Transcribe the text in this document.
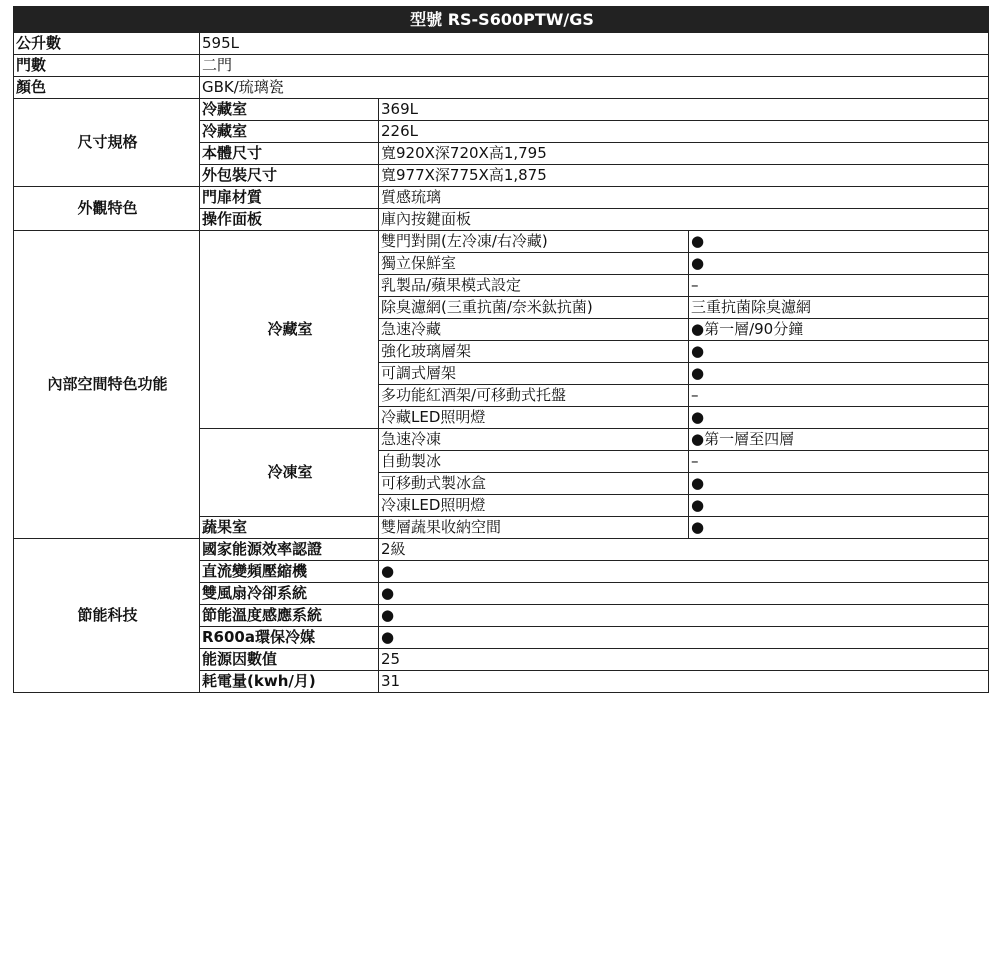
型號 RS-S600PTW/GS			
公升數	595L		
門數	二門		
顏色	GBK/琉璃瓷		
尺寸規格	冷藏室	369L	
	冷藏室	226L	
	本體尺寸	寬920X深720X高1,795	
	外包裝尺寸	寬977X深775X高1,875	
外觀特色	門扉材質	質感琉璃	
	操作面板	庫內按鍵面板	
內部空間特色功能	冷藏室	雙門對開(左冷凍/右冷藏)	●
		獨立保鮮室	●
		乳製品/蘋果模式設定	–
		除臭濾網(三重抗菌/奈米鈦抗菌)	三重抗菌除臭濾網
		急速冷藏	●第一層/90分鐘
		強化玻璃層架	●
		可調式層架	●
		多功能紅酒架/可移動式托盤	–
		冷藏LED照明燈	●
	冷凍室	急速冷凍	●第一層至四層
		自動製冰	–
		可移動式製冰盒	●
		冷凍LED照明燈	●
	蔬果室	雙層蔬果收納空間	●
節能科技	國家能源效率認證	2級	
	直流變頻壓縮機	●	
	雙風扇冷卻系統	●	
	節能溫度感應系統	●	
	R600a環保冷媒	●	
	能源因數值	25	
	耗電量(kwh/月)	31	
